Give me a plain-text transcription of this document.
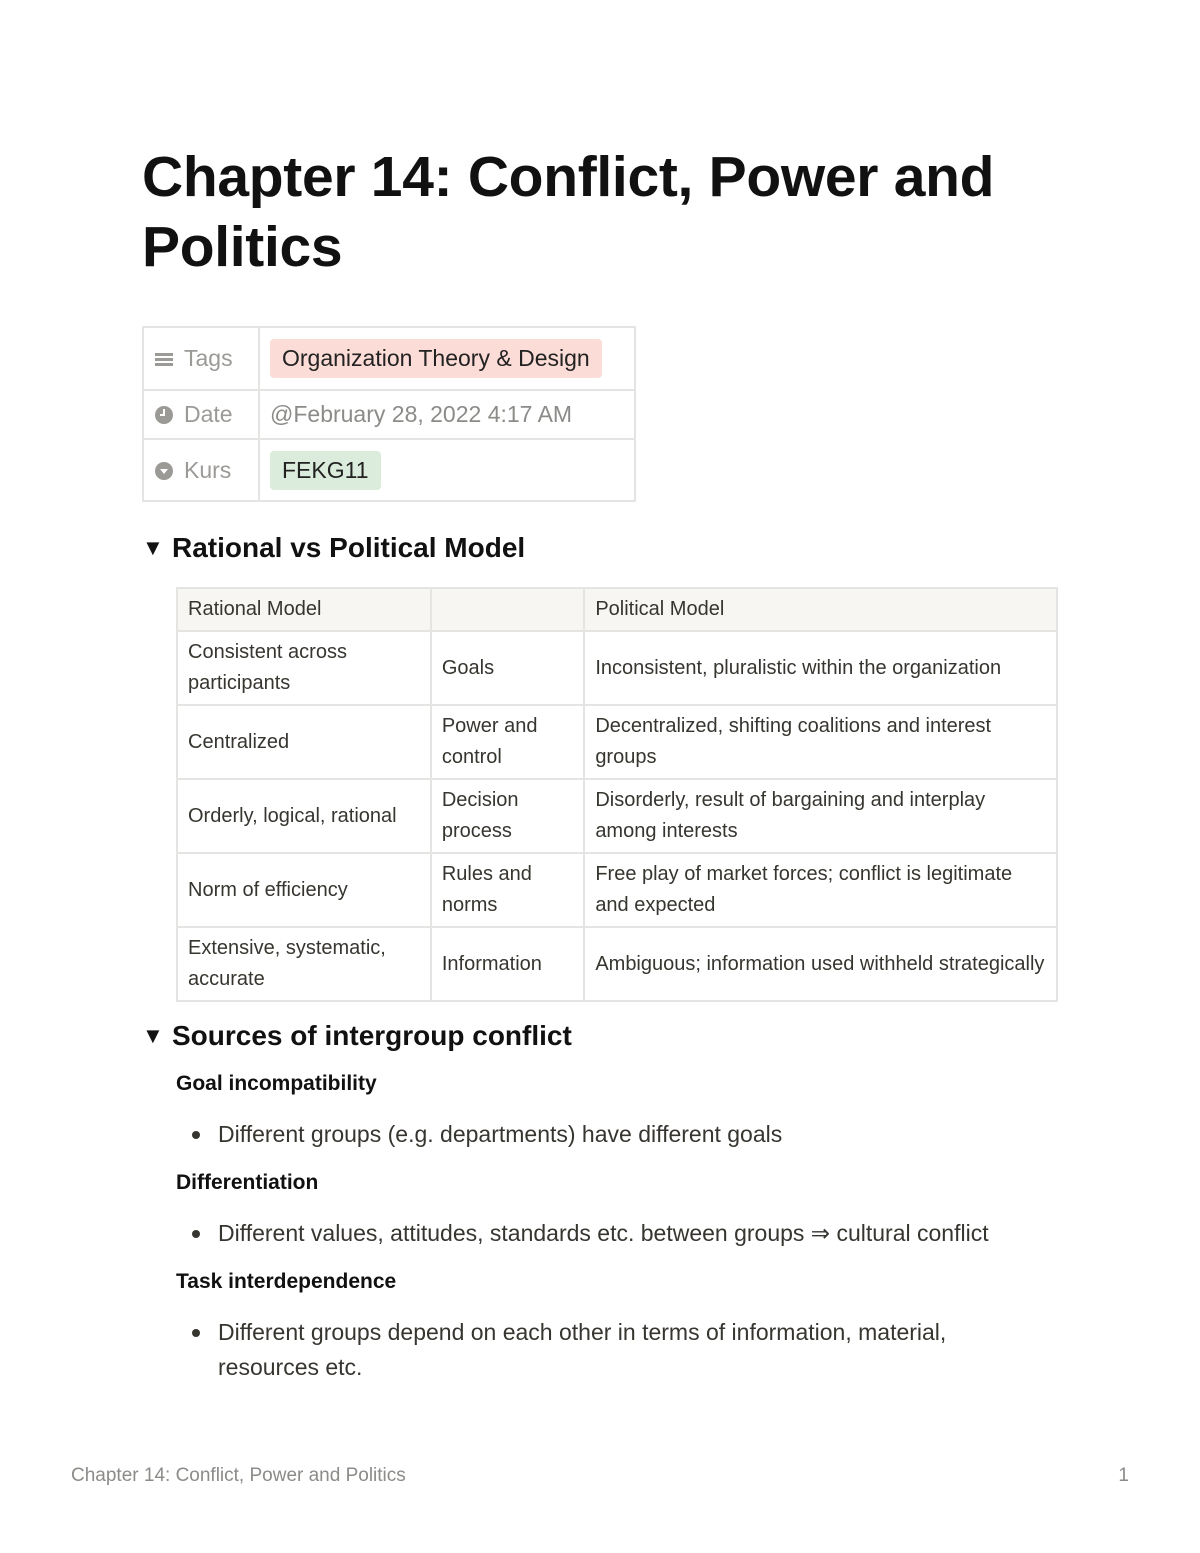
Chapter 14: Conflict, Power and Politics
Tags	Organization Theory & Design
Date	@February 28, 2022 4:17 AM
Kurs	FEKG11
▼ Rational vs Political Model
Rational Model		Political Model
Consistent across participants	Goals	Inconsistent, pluralistic within the organization
Centralized	Power and control	Decentralized, shifting coalitions and interest groups
Orderly, logical, rational	Decision process	Disorderly, result of bargaining and interplay among interests
Norm of efficiency	Rules and norms	Free play of market forces; conflict is legitimate and expected
Extensive, systematic, accurate	Information	Ambiguous; information used withheld strategically
▼ Sources of intergroup conflict
Goal incompatibility

Different groups (e.g. departments) have different goals

Differentiation

Different values, attitudes, standards etc. between groups ⇒ cultural conflict

Task interdependence

Different groups depend on each other in terms of information, material, resources etc.

Chapter 14: Conflict, Power and Politics	1
